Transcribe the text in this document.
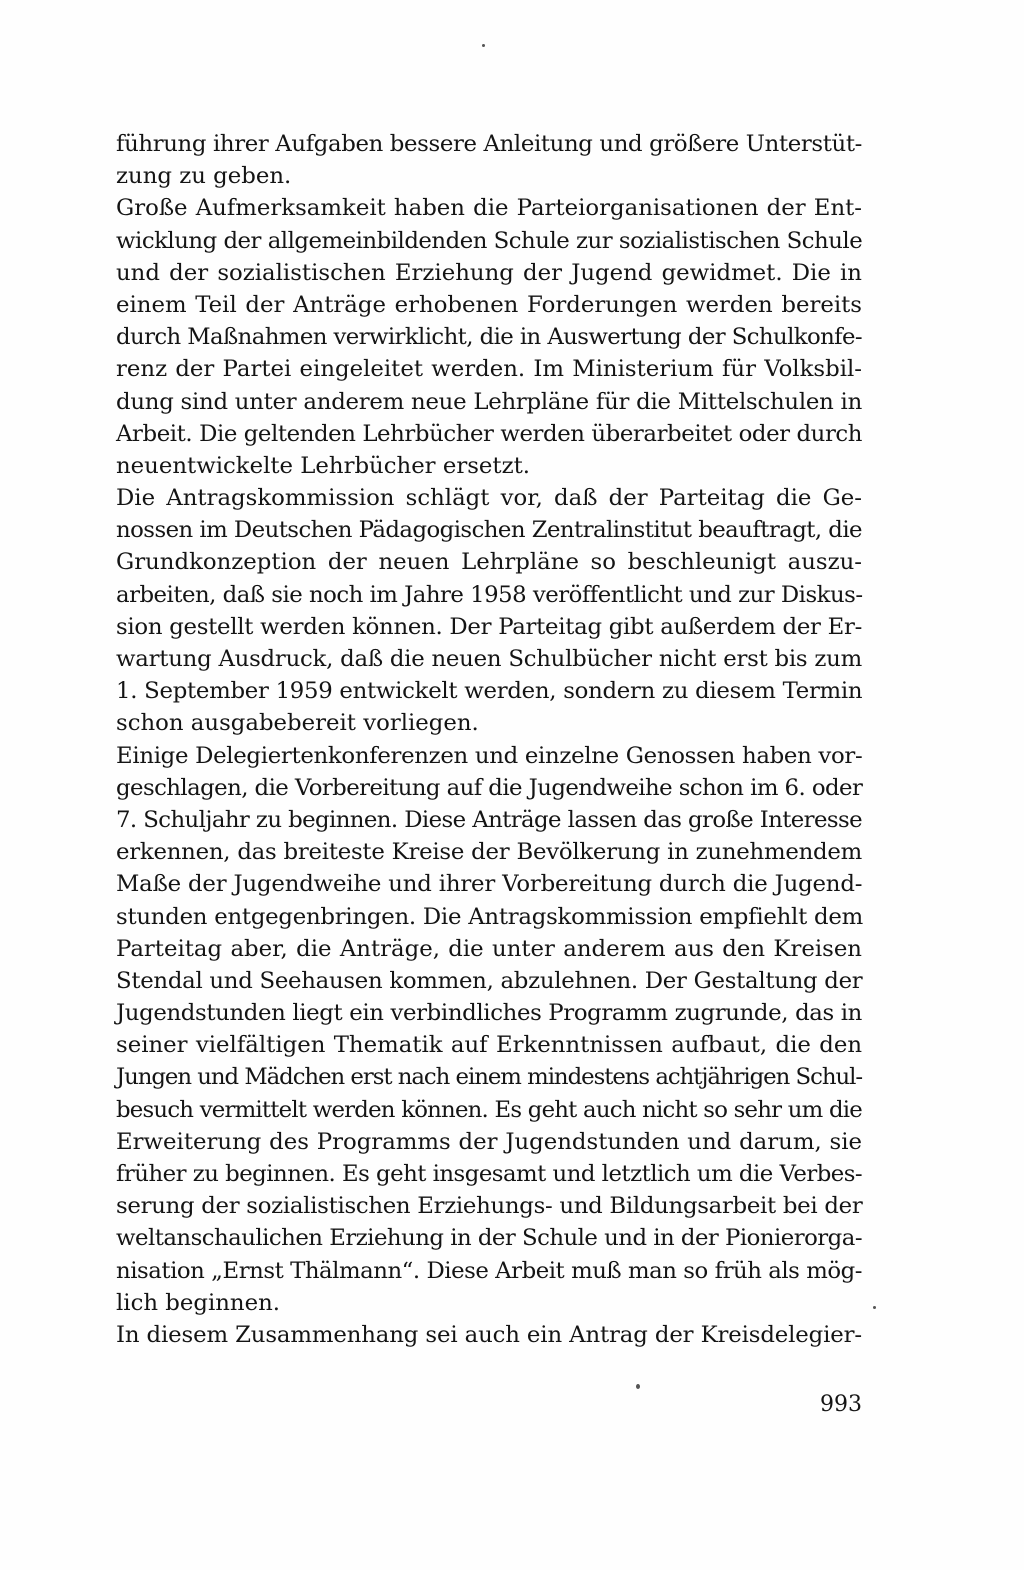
führung ihrer Aufgaben bessere Anleitung und größere Unterstüt-
zung zu geben.
Große Aufmerksamkeit haben die Parteiorganisationen der Ent-
wicklung der allgemeinbildenden Schule zur sozialistischen Schule
und der sozialistischen Erziehung der Jugend gewidmet. Die in
einem Teil der Anträge erhobenen Forderungen werden bereits
durch Maßnahmen verwirklicht, die in Auswertung der Schulkonfe-
renz der Partei eingeleitet werden. Im Ministerium für Volksbil-
dung sind unter anderem neue Lehrpläne für die Mittelschulen in
Arbeit. Die geltenden Lehrbücher werden überarbeitet oder durch
neuentwickelte Lehrbücher ersetzt.
Die Antragskommission schlägt vor, daß der Parteitag die Ge-
nossen im Deutschen Pädagogischen Zentralinstitut beauftragt, die
Grundkonzeption der neuen Lehrpläne so beschleunigt auszu-
arbeiten, daß sie noch im Jahre 1958 veröffentlicht und zur Diskus-
sion gestellt werden können. Der Parteitag gibt außerdem der Er-
wartung Ausdruck, daß die neuen Schulbücher nicht erst bis zum
1. September 1959 entwickelt werden, sondern zu diesem Termin
schon ausgabebereit vorliegen.
Einige Delegiertenkonferenzen und einzelne Genossen haben vor-
geschlagen, die Vorbereitung auf die Jugendweihe schon im 6. oder
7. Schuljahr zu beginnen. Diese Anträge lassen das große Interesse
erkennen, das breiteste Kreise der Bevölkerung in zunehmendem
Maße der Jugendweihe und ihrer Vorbereitung durch die Jugend-
stunden entgegenbringen. Die Antragskommission empfiehlt dem
Parteitag aber, die Anträge, die unter anderem aus den Kreisen
Stendal und Seehausen kommen, abzulehnen. Der Gestaltung der
Jugendstunden liegt ein verbindliches Programm zugrunde, das in
seiner vielfältigen Thematik auf Erkenntnissen aufbaut, die den
Jungen und Mädchen erst nach einem mindestens achtjährigen Schul-
besuch vermittelt werden können. Es geht auch nicht so sehr um die
Erweiterung des Programms der Jugendstunden und darum, sie
früher zu beginnen. Es geht insgesamt und letztlich um die Verbes-
serung der sozialistischen Erziehungs- und Bildungsarbeit bei der
weltanschaulichen Erziehung in der Schule und in der Pionierorga-
nisation „Ernst Thälmann“. Diese Arbeit muß man so früh als mög-
lich beginnen.
In diesem Zusammenhang sei auch ein Antrag der Kreisdelegier-
993
